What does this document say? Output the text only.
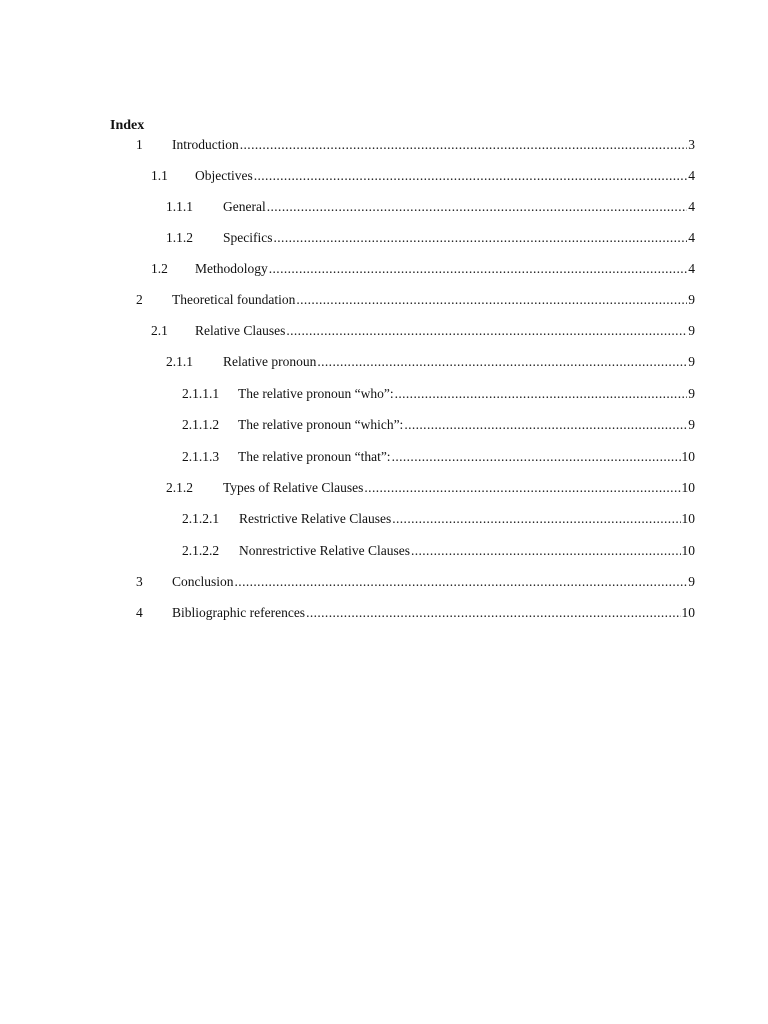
Index
1 Introduction .....	3
1.1 Objectives .....	4
1.1.1 General .....	4
1.1.2 Specifics .....	4
1.2 Methodology .....	4
2 Theoretical foundation .....	9
2.1 Relative Clauses .....	9
2.1.1 Relative pronoun .....	9
2.1.1.1 The relative pronoun “who”: .....	9
2.1.1.2 The relative pronoun “which”: .....	9
2.1.1.3 The relative pronoun “that”: .....	10
2.1.2 Types of Relative Clauses .....	10
2.1.2.1 Restrictive Relative Clauses .....	10
2.1.2.2 Nonrestrictive Relative Clauses .....	10
3 Conclusion .....	9
4 Bibliographic references .....	10
